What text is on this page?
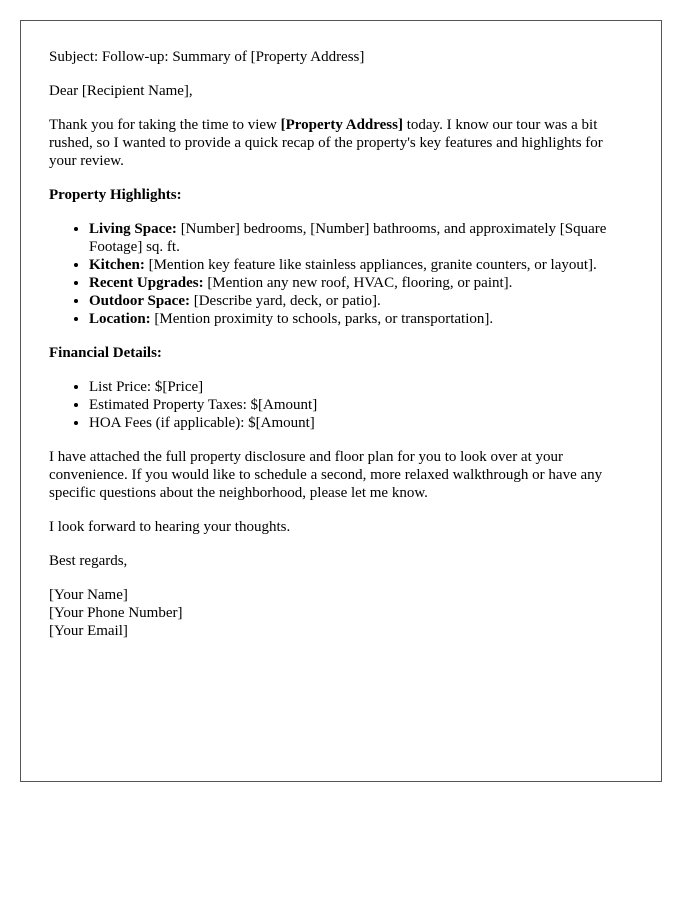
Subject: Follow-up: Summary of [Property Address]

Dear [Recipient Name],

Thank you for taking the time to view [Property Address] today. I know our tour was a bit rushed, so I wanted to provide a quick recap of the property's key features and highlights for your review.

Property Highlights:

• Living Space: [Number] bedrooms, [Number] bathrooms, and approximately [Square Footage] sq. ft.
• Kitchen: [Mention key feature like stainless appliances, granite counters, or layout].
• Recent Upgrades: [Mention any new roof, HVAC, flooring, or paint].
• Outdoor Space: [Describe yard, deck, or patio].
• Location: [Mention proximity to schools, parks, or transportation].

Financial Details:

• List Price: $[Price]
• Estimated Property Taxes: $[Amount]
• HOA Fees (if applicable): $[Amount]

I have attached the full property disclosure and floor plan for you to look over at your convenience. If you would like to schedule a second, more relaxed walkthrough or have any specific questions about the neighborhood, please let me know.

I look forward to hearing your thoughts.

Best regards,

[Your Name]
[Your Phone Number]
[Your Email]
